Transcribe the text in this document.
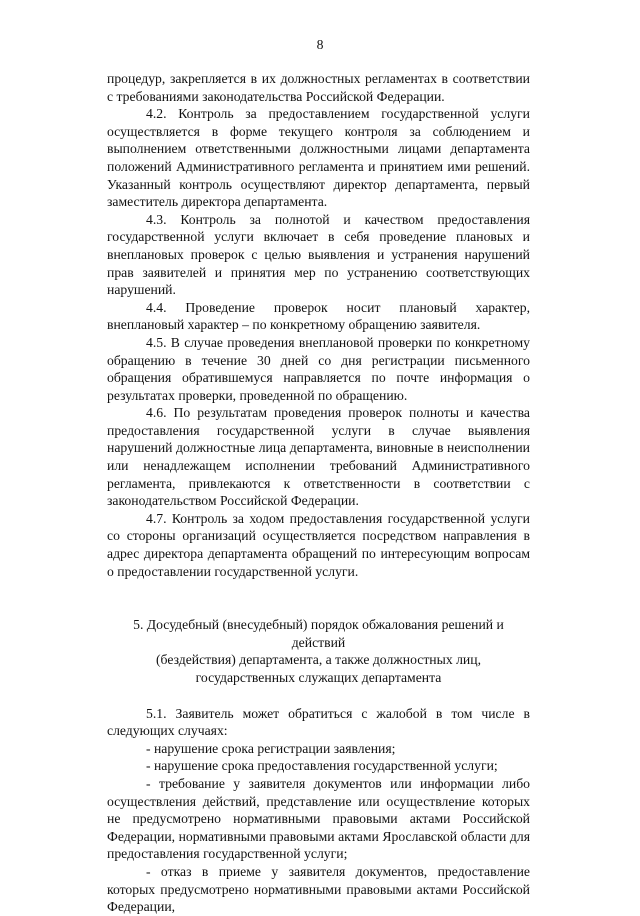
8

процедур, закрепляется в их должностных регламентах в соответствии с требованиями законодательства Российской Федерации.

4.2. Контроль за предоставлением государственной услуги осуществляется в форме текущего контроля за соблюдением и выполнением ответственными должностными лицами департамента положений Административного регламента и принятием ими решений. Указанный контроль осуществляют директор департамента, первый заместитель директора департамента.

4.3. Контроль за полнотой и качеством предоставления государственной услуги включает в себя проведение плановых и внеплановых проверок с целью выявления и устранения нарушений прав заявителей и принятия мер по устранению соответствующих нарушений.

4.4. Проведение проверок носит плановый характер, внеплановый характер – по конкретному обращению заявителя.

4.5. В случае проведения внеплановой проверки по конкретному обращению в течение 30 дней со дня регистрации письменного обращения обратившемуся направляется по почте информация о результатах проверки, проведенной по обращению.

4.6. По результатам проведения проверок полноты и качества предоставления государственной услуги в случае выявления нарушений должностные лица департамента, виновные в неисполнении или ненадлежащем исполнении требований Административного регламента, привлекаются к ответственности в соответствии с законодательством Российской Федерации.

4.7. Контроль за ходом предоставления государственной услуги со стороны организаций осуществляется посредством направления в адрес директора департамента обращений по интересующим вопросам о предоставлении государственной услуги.

5. Досудебный (внесудебный) порядок обжалования решений и действий
(бездействия) департамента, а также должностных лиц,
государственных служащих департамента

5.1. Заявитель может обратиться с жалобой в том числе в следующих случаях:

- нарушение срока регистрации заявления;

- нарушение срока предоставления государственной услуги;

- требование у заявителя документов или информации либо осуществления действий, представление или осуществление которых не предусмотрено нормативными правовыми актами Российской Федерации, нормативными правовыми актами Ярославской области для предоставления государственной услуги;

- отказ в приеме у заявителя документов, предоставление которых предусмотрено нормативными правовыми актами Российской Федерации,
